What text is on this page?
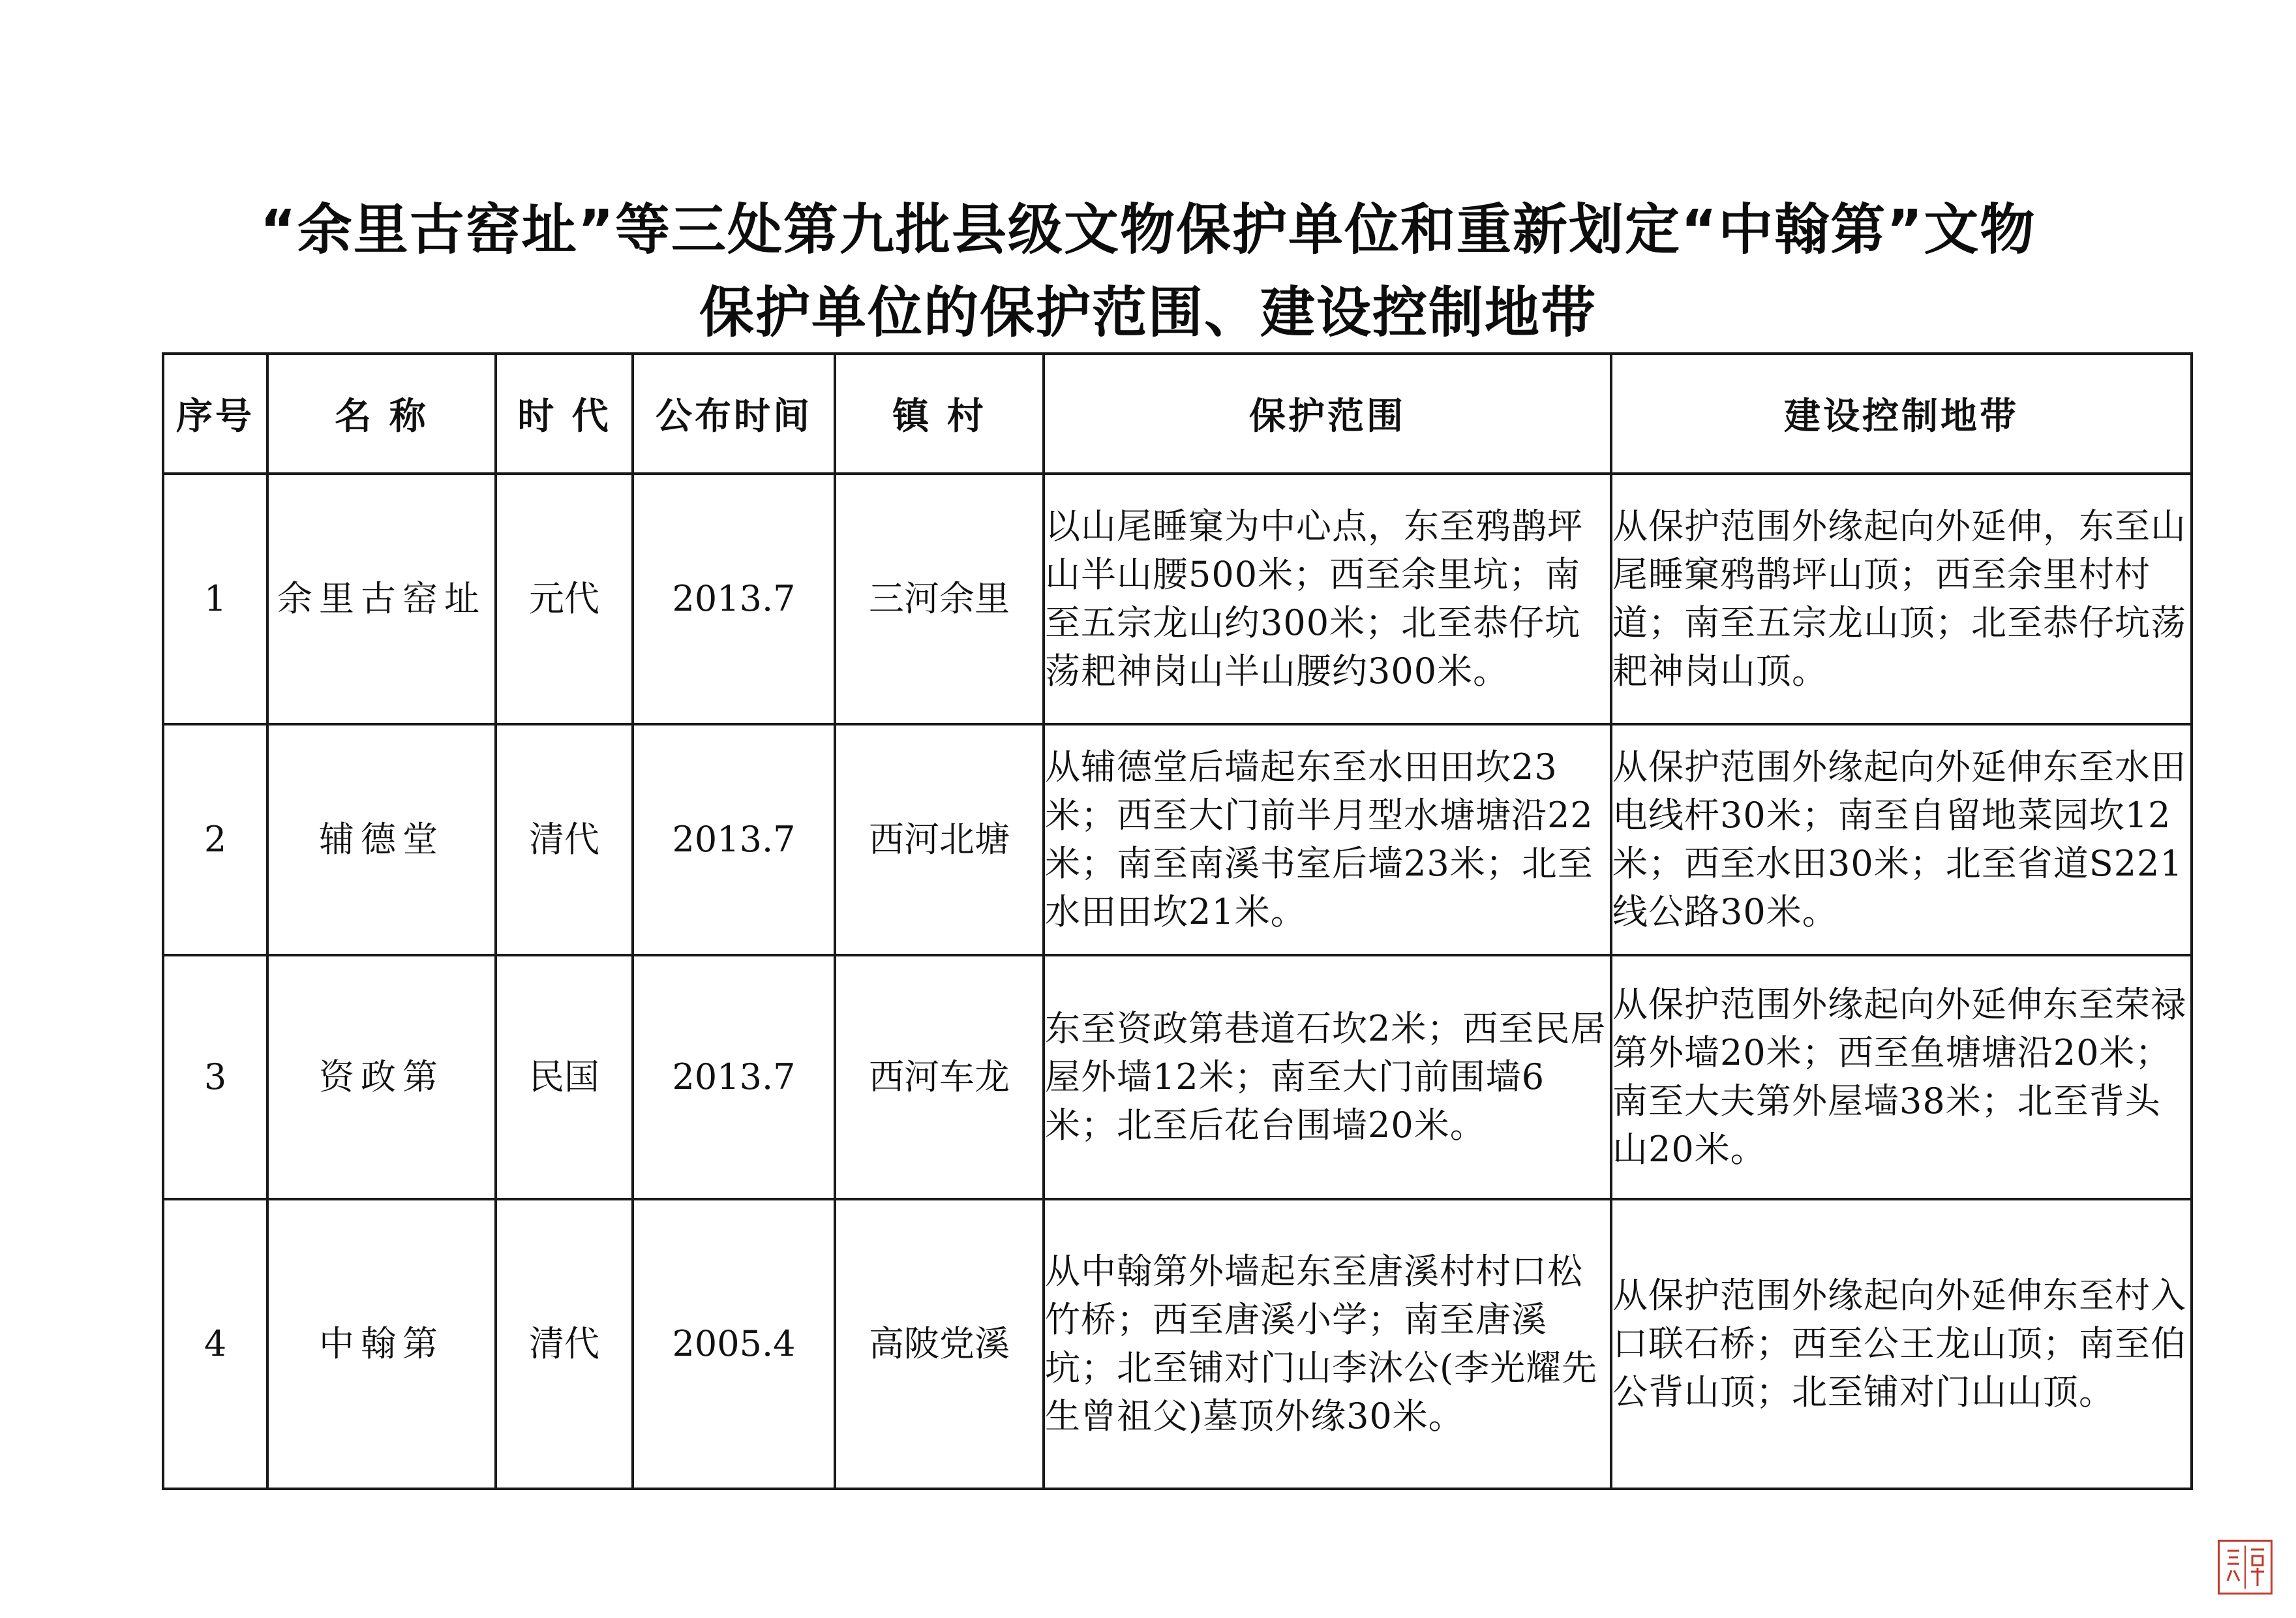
“余里古窑址”等三处第九批县级文物保护单位和重新划定“中翰第”文物
保护单位的保护范围、建设控制地带
序号	名 称	时 代	公布时间	镇 村	保护范围	建设控制地带
1	余里古窑址	元代	2013.7	三河余里	以山尾睡窠为中心点，东至鸦鹊坪山半山腰500米；西至余里坑；南至五宗龙山约300米；北至恭仔坑荡耙神岗山半山腰约300米。	从保护范围外缘起向外延伸，东至山尾睡窠鸦鹊坪山顶；西至余里村村道；南至五宗龙山顶；北至恭仔坑荡耙神岗山顶。
2	辅德堂	清代	2013.7	西河北塘	从辅德堂后墙起东至水田田坎23米；西至大门前半月型水塘塘沿22米；南至南溪书室后墙23米；北至水田田坎21米。	从保护范围外缘起向外延伸东至水田电线杆30米；南至自留地菜园坎12米；西至水田30米；北至省道S221线公路30米。
3	资政第	民国	2013.7	西河车龙	东至资政第巷道石坎2米；西至民居屋外墙12米；南至大门前围墙6米；北至后花台围墙20米。	从保护范围外缘起向外延伸东至荣禄第外墙20米；西至鱼塘塘沿20米；南至大夫第外屋墙38米；北至背头山20米。
4	中翰第	清代	2005.4	高陂党溪	从中翰第外墙起东至唐溪村村口松竹桥；西至唐溪小学；南至唐溪坑；北至铺对门山李沐公(李光耀先生曾祖父)墓顶外缘30米。	从保护范围外缘起向外延伸东至村入口联石桥；西至公王龙山顶；南至伯公背山顶；北至铺对门山山顶。
